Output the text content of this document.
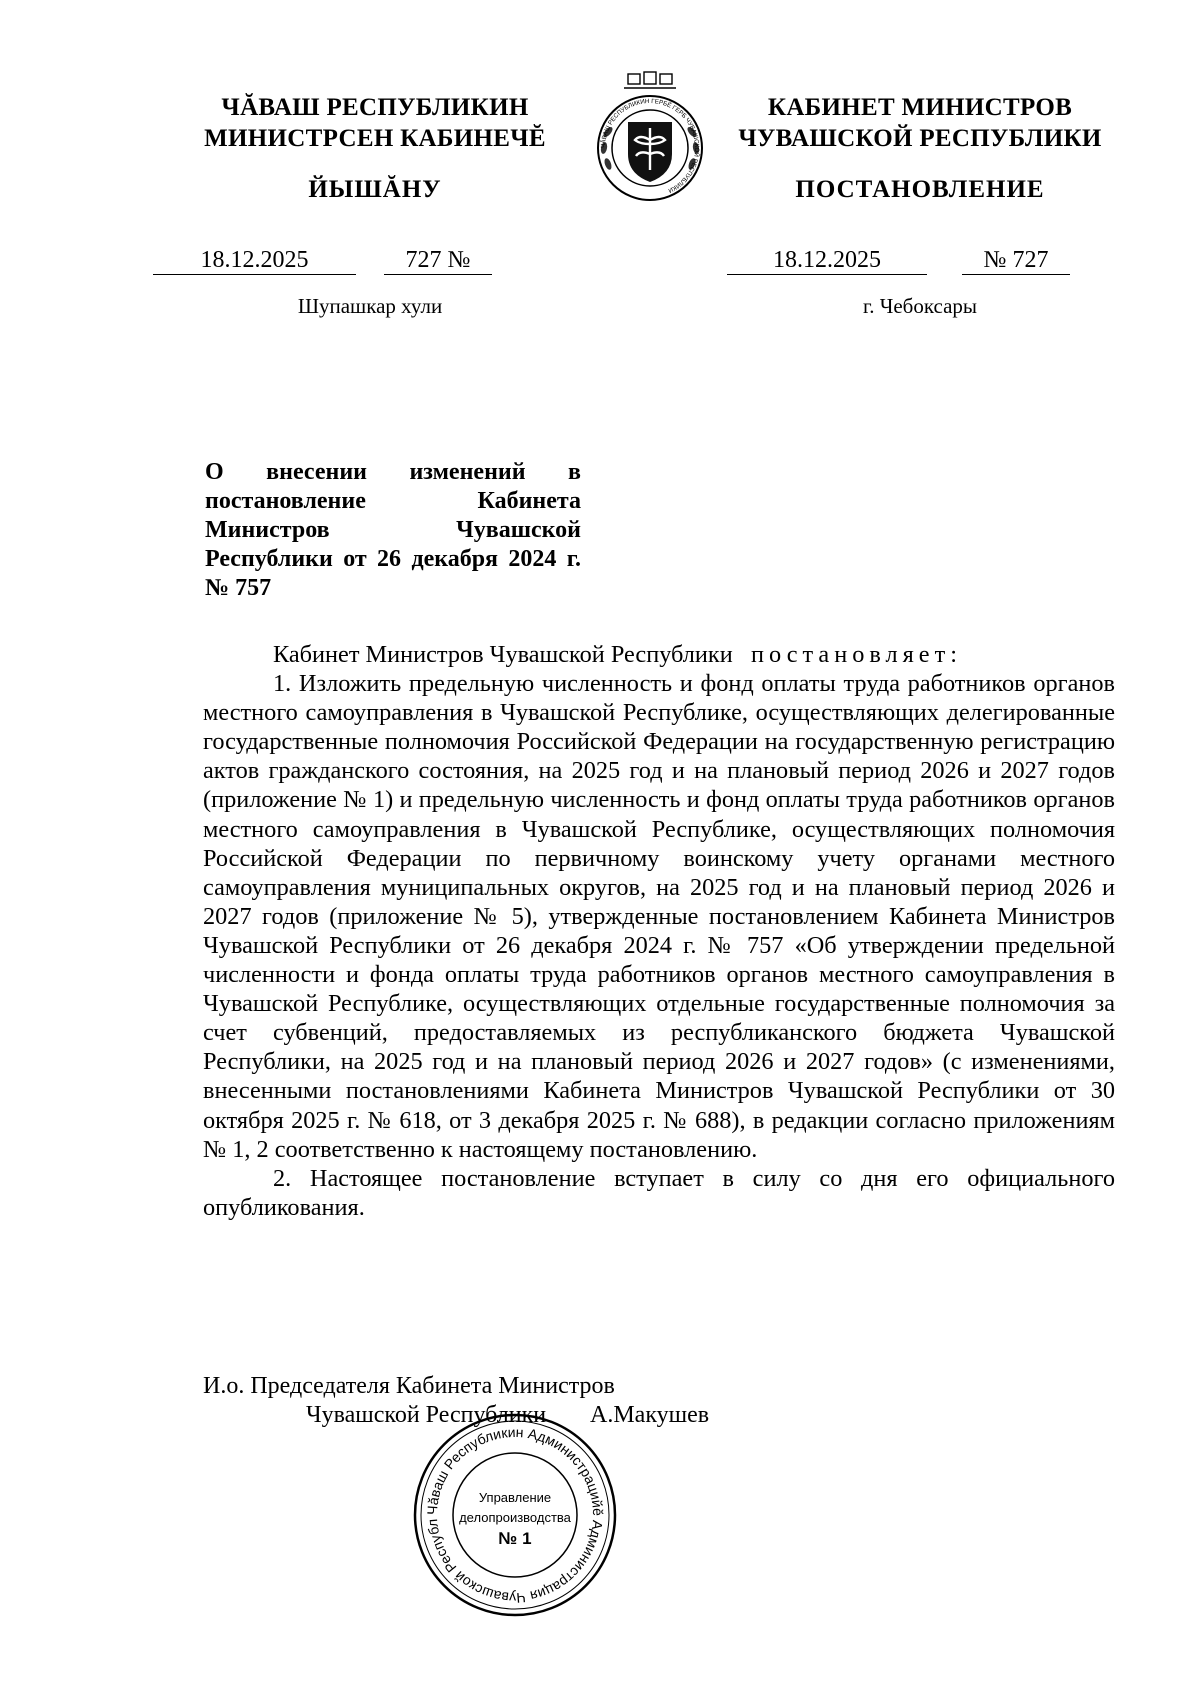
ЧĂВАШ РЕСПУБЛИКИН
МИНИСТРСЕН КАБИНЕЧĔ
ЙЫШĂНУ
18.12.2025	727 №
Шупашкар хули
ЧĂВАШ РЕСПУБЛИКИН ГЕРБĔ ГЕРБ ЧУВАШСКОЙ РЕСПУБЛИКИ
КАБИНЕТ МИНИСТРОВ
ЧУВАШСКОЙ РЕСПУБЛИКИ
ПОСТАНОВЛЕНИЕ
18.12.2025	№ 727
г. Чебоксары
О внесении изменений в постановление Кабинета Министров Чувашской Республики от 26 декабря 2024 г. № 757

Кабинет Министров Чувашской Республики постановляет:

1. Изложить предельную численность и фонд оплаты труда работников органов местного самоуправления в Чувашской Республике, осуществляющих делегированные государственные полномочия Российской Федерации на государственную регистрацию актов гражданского состояния, на 2025 год и на плановый период 2026 и 2027 годов (приложение № 1) и предельную численность и фонд оплаты труда работников органов местного самоуправления в Чувашской Республике, осуществляющих полномочия Российской Федерации по первичному воинскому учету органами местного самоуправления муниципальных округов, на 2025 год и на плановый период 2026 и 2027 годов (приложение № 5), утвержденные постановлением Кабинета Министров Чувашской Республики от 26 декабря 2024 г. № 757 «Об утверждении предельной численности и фонда оплаты труда работников органов местного самоуправления в Чувашской Республике, осуществляющих отдельные государственные полномочия за счет субвенций, предоставляемых из республиканского бюджета Чувашской Республики, на 2025 год и на плановый период 2026 и 2027 годов» (с изменениями, внесенными постановлениями Кабинета Министров Чувашской Республики от 30 октября 2025 г. № 618, от 3 декабря 2025 г. № 688), в редакции согласно приложениям № 1, 2 соответственно к настоящему постановлению.

2. Настоящее постановление вступает в силу со дня его официального опубликования.

И.о. Председателя Кабинета Министров
Чувашской Республики	А.Макушев
Чăваш Республикин Администрацийĕ Администрация Чувашской Республ
Управление
делопроизводства
№ 1
